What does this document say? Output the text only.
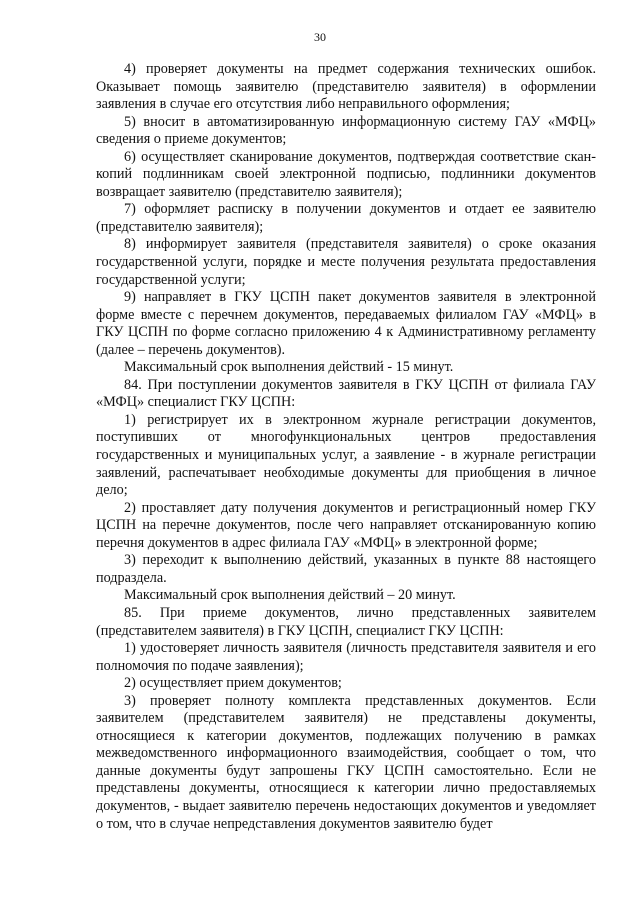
30

4) проверяет документы на предмет содержания технических ошибок. Оказывает помощь заявителю (представителю заявителя) в оформлении заявления в случае его отсутствия либо неправильного оформления;

5) вносит в автоматизированную информационную систему ГАУ «МФЦ» сведения о приеме документов;

6) осуществляет сканирование документов, подтверждая соответствие скан-копий подлинникам своей электронной подписью, подлинники документов возвращает заявителю (представителю заявителя);

7) оформляет расписку в получении документов и отдает ее заявителю (представителю заявителя);

8) информирует заявителя (представителя заявителя) о сроке оказания государственной услуги, порядке и месте получения результата предоставления государственной услуги;

9) направляет в ГКУ ЦСПН пакет документов заявителя в электронной форме вместе с перечнем документов, передаваемых филиалом ГАУ «МФЦ» в ГКУ ЦСПН по форме согласно приложению 4 к Административному регламенту (далее – перечень документов).

Максимальный срок выполнения действий - 15 минут.

84. При поступлении документов заявителя в ГКУ ЦСПН от филиала ГАУ «МФЦ» специалист ГКУ ЦСПН:

1) регистрирует их в электронном журнале регистрации документов, поступивших от многофункциональных центров предоставления государственных и муниципальных услуг, а заявление - в журнале регистрации заявлений, распечатывает необходимые документы для приобщения в личное дело;

2) проставляет дату получения документов и регистрационный номер ГКУ ЦСПН на перечне документов, после чего направляет отсканированную копию перечня документов в адрес филиала ГАУ «МФЦ» в электронной форме;

3) переходит к выполнению действий, указанных в пункте 88 настоящего подраздела.

Максимальный срок выполнения действий – 20 минут.

85. При приеме документов, лично представленных заявителем (представителем заявителя) в ГКУ ЦСПН, специалист ГКУ ЦСПН:

1) удостоверяет личность заявителя (личность представителя заявителя и его полномочия по подаче заявления);

2) осуществляет прием документов;

3) проверяет полноту комплекта представленных документов. Если заявителем (представителем заявителя) не представлены документы, относящиеся к категории документов, подлежащих получению в рамках межведомственного информационного взаимодействия, сообщает о том, что данные документы будут запрошены ГКУ ЦСПН самостоятельно. Если не представлены документы, относящиеся к категории лично предоставляемых документов, - выдает заявителю перечень недостающих документов и уведомляет о том, что в случае непредставления документов заявителю будет
